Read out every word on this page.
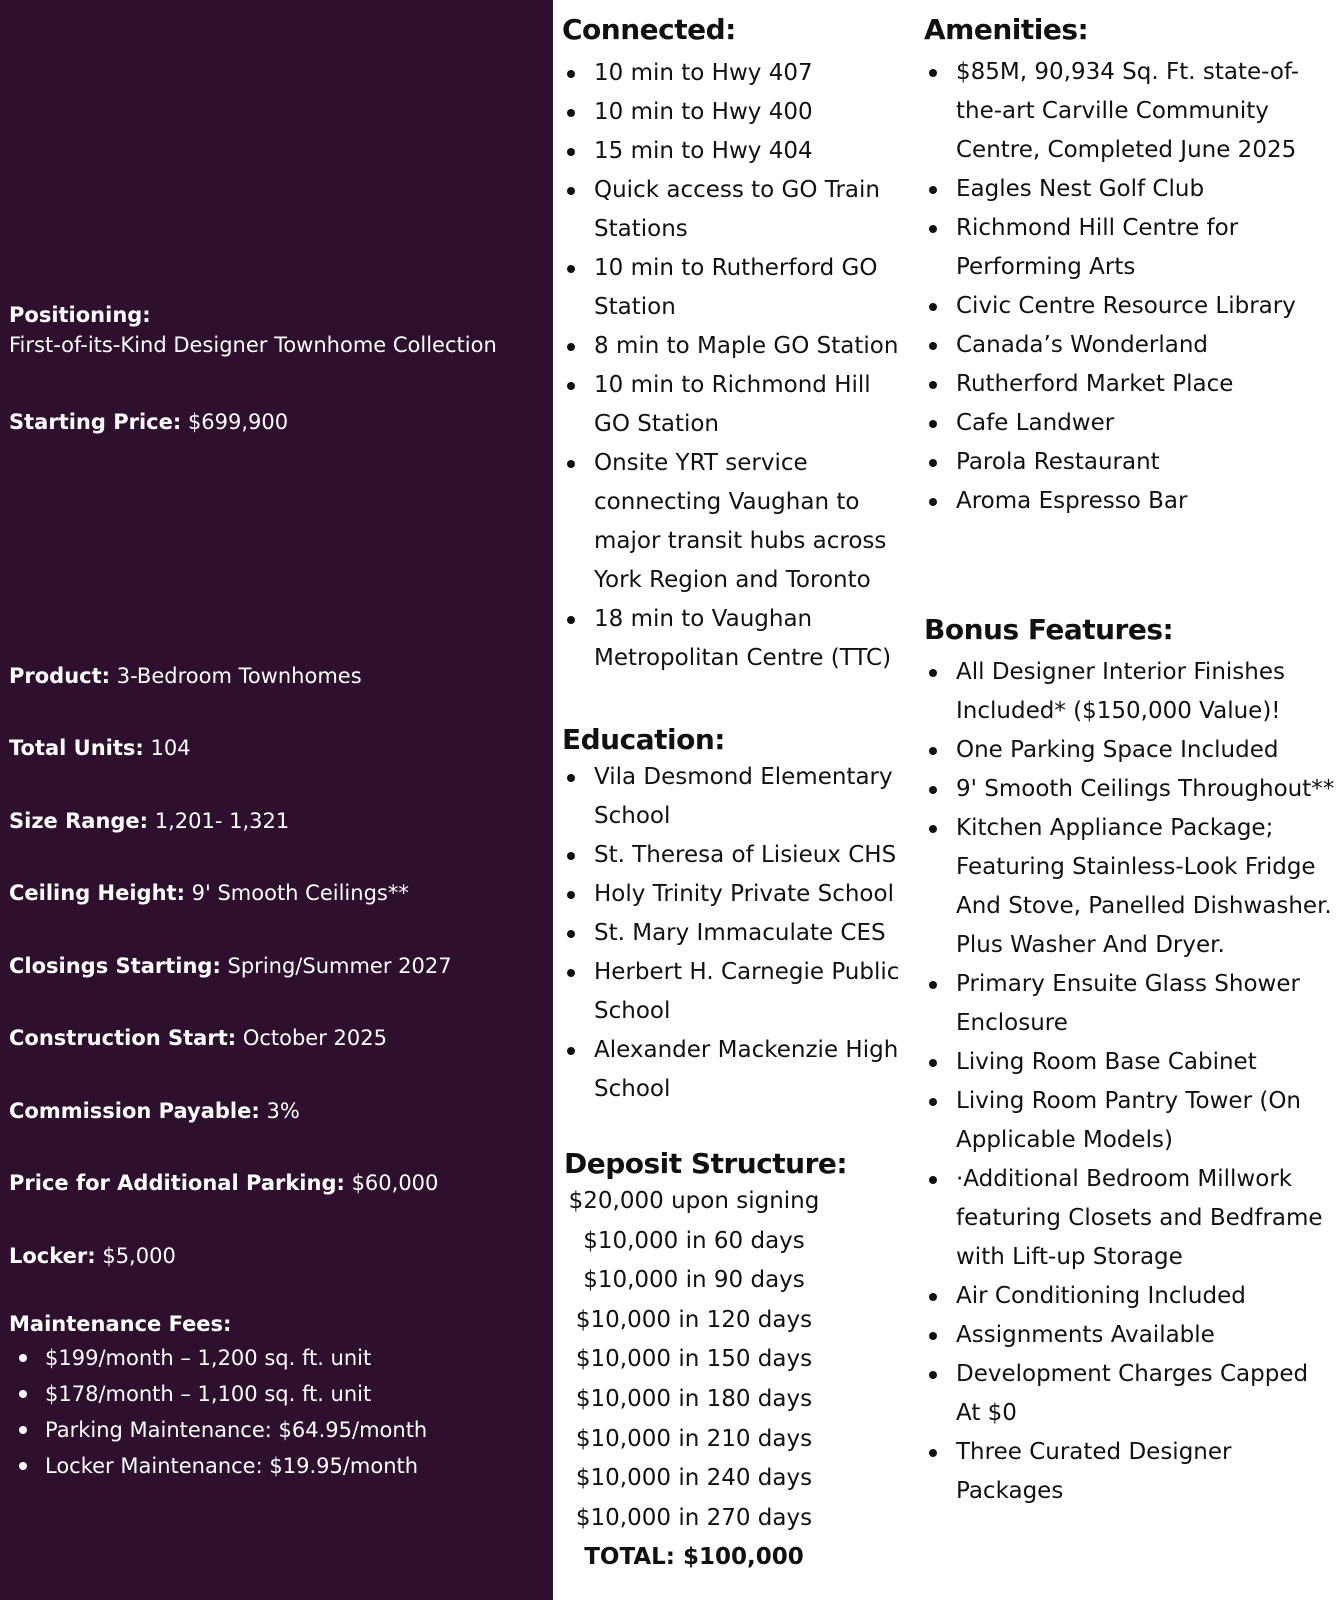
Positioning:
First-of-its-Kind Designer Townhome Collection
Starting Price: $699,900
Product: 3-Bedroom Townhomes
Total Units: 104
Size Range: 1,201- 1,321
Ceiling Height: 9' Smooth Ceilings**
Closings Starting: Spring/Summer 2027
Construction Start: October 2025
Commission Payable: 3%
Price for Additional Parking: $60,000
Locker: $5,000
Maintenance Fees:
$199/month – 1,200 sq. ft. unit
$178/month – 1,100 sq. ft. unit
Parking Maintenance: $64.95/month
Locker Maintenance: $19.95/month
Connected:
10 min to Hwy 407
10 min to Hwy 400
15 min to Hwy 404
Quick access to GO Train Stations
10 min to Rutherford GO Station
8 min to Maple GO Station
10 min to Richmond Hill GO Station
Onsite YRT service connecting Vaughan to major transit hubs across York Region and Toronto
18 min to Vaughan Metropolitan Centre (TTC)
Education:
Vila Desmond Elementary School
St. Theresa of Lisieux CHS
Holy Trinity Private School
St. Mary Immaculate CES
Herbert H. Carnegie Public School
Alexander Mackenzie High School
Deposit Structure:
$20,000 upon signing
$10,000 in 60 days
$10,000 in 90 days
$10,000 in 120 days
$10,000 in 150 days
$10,000 in 180 days
$10,000 in 210 days
$10,000 in 240 days
$10,000 in 270 days
TOTAL: $100,000
Amenities:
$85M, 90,934 Sq. Ft. state-of-the-art Carville Community Centre, Completed June 2025
Eagles Nest Golf Club
Richmond Hill Centre for Performing Arts
Civic Centre Resource Library
Canada’s Wonderland
Rutherford Market Place
Cafe Landwer
Parola Restaurant
Aroma Espresso Bar
Bonus Features:
All Designer Interior Finishes Included* ($150,000 Value)!
One Parking Space Included
9' Smooth Ceilings Throughout**
Kitchen Appliance Package; Featuring Stainless-Look Fridge And Stove, Panelled Dishwasher. Plus Washer And Dryer.
Primary Ensuite Glass Shower Enclosure
Living Room Base Cabinet
Living Room Pantry Tower (On Applicable Models)
·Additional Bedroom Millwork featuring Closets and Bedframe with Lift-up Storage
Air Conditioning Included
Assignments Available
Development Charges Capped At $0
Three Curated Designer Packages
